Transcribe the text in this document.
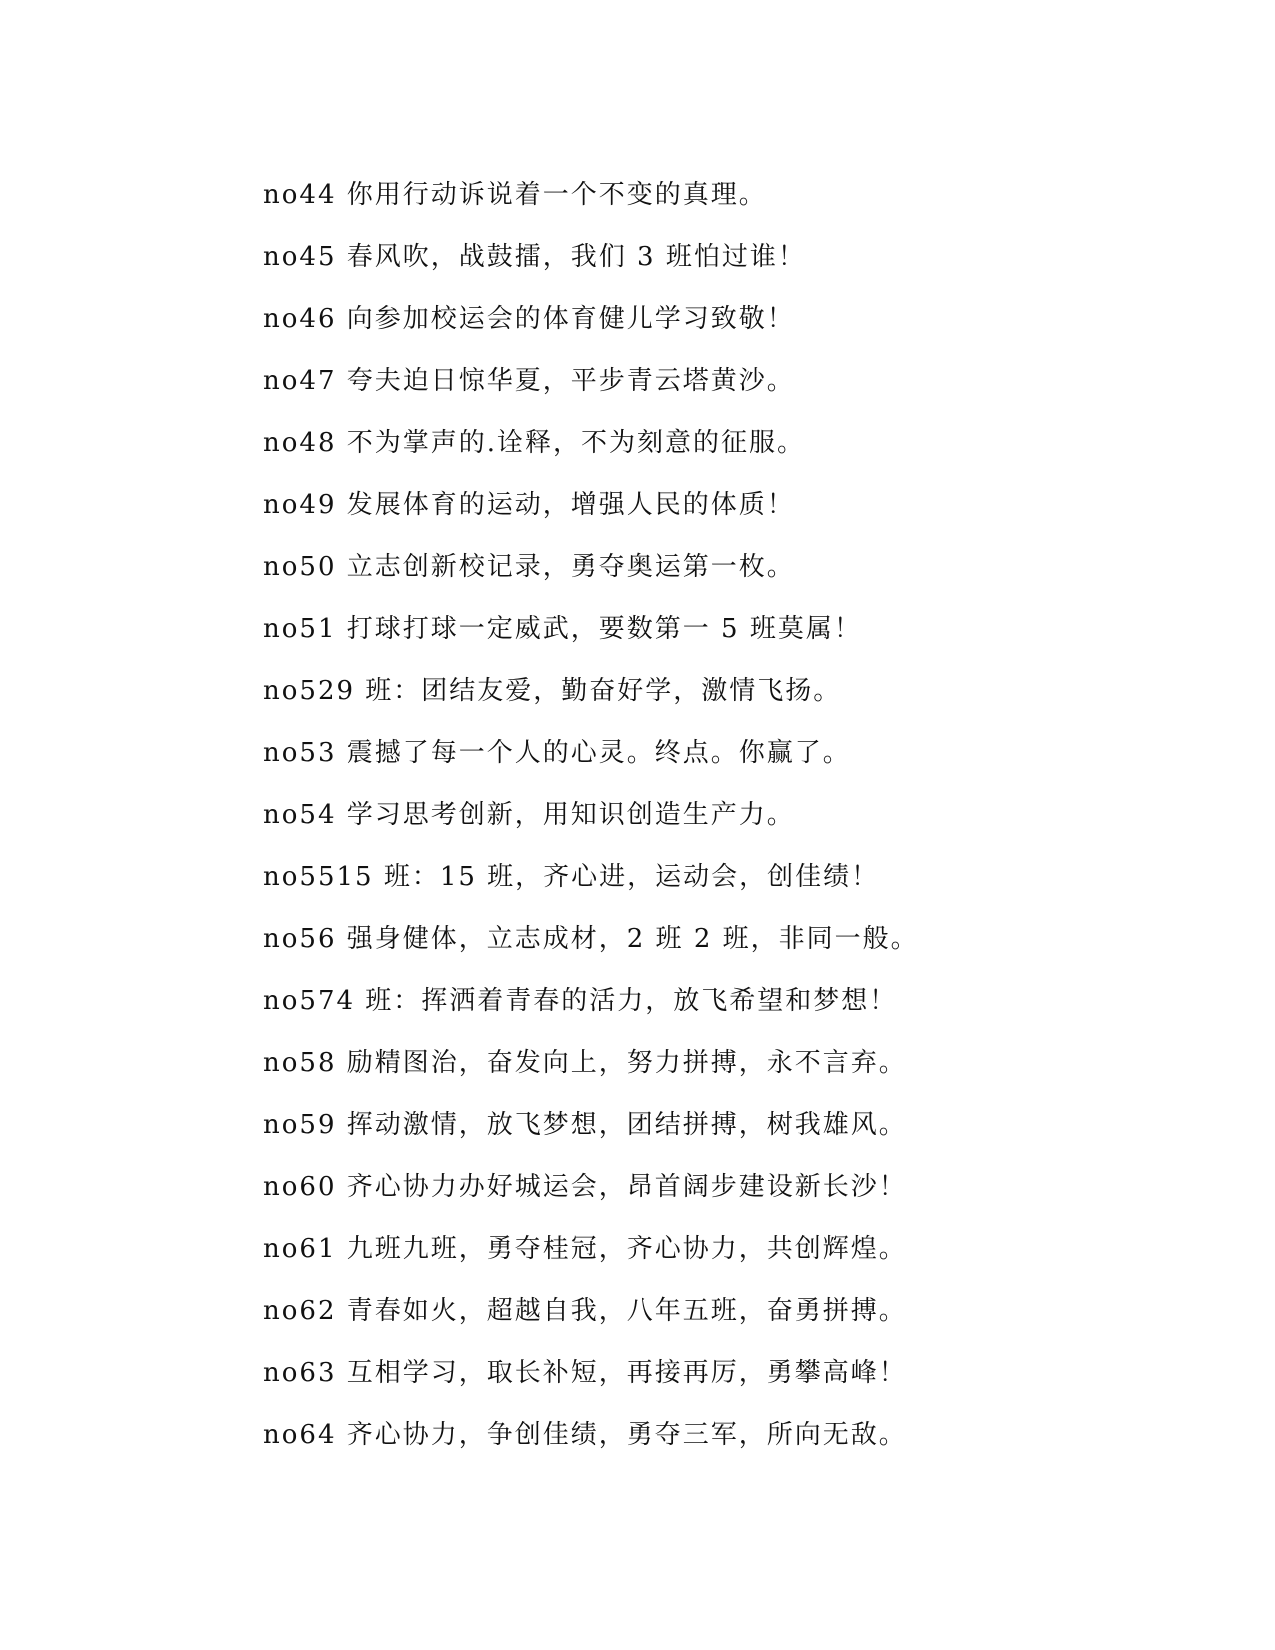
no44 你用行动诉说着一个不变的真理。
no45 春风吹，战鼓擂，我们 3 班怕过谁！
no46 向参加校运会的体育健儿学习致敬！
no47 夸夫迫日惊华夏，平步青云塔黄沙。
no48 不为掌声的.诠释，不为刻意的征服。
no49 发展体育的运动，增强人民的体质！
no50 立志创新校记录，勇夺奥运第一枚。
no51 打球打球一定威武，要数第一 5 班莫属！
no529 班：团结友爱，勤奋好学，激情飞扬。
no53 震撼了每一个人的心灵。终点。你赢了。
no54 学习思考创新，用知识创造生产力。
no5515 班：15 班，齐心进，运动会，创佳绩！
no56 强身健体，立志成材，2 班 2 班，非同一般。
no574 班：挥洒着青春的活力，放飞希望和梦想！
no58 励精图治，奋发向上，努力拼搏，永不言弃。
no59 挥动激情，放飞梦想，团结拼搏，树我雄风。
no60 齐心协力办好城运会，昂首阔步建设新长沙！
no61 九班九班，勇夺桂冠，齐心协力，共创辉煌。
no62 青春如火，超越自我，八年五班，奋勇拼搏。
no63 互相学习，取长补短，再接再厉，勇攀高峰！
no64 齐心协力，争创佳绩，勇夺三军，所向无敌。
